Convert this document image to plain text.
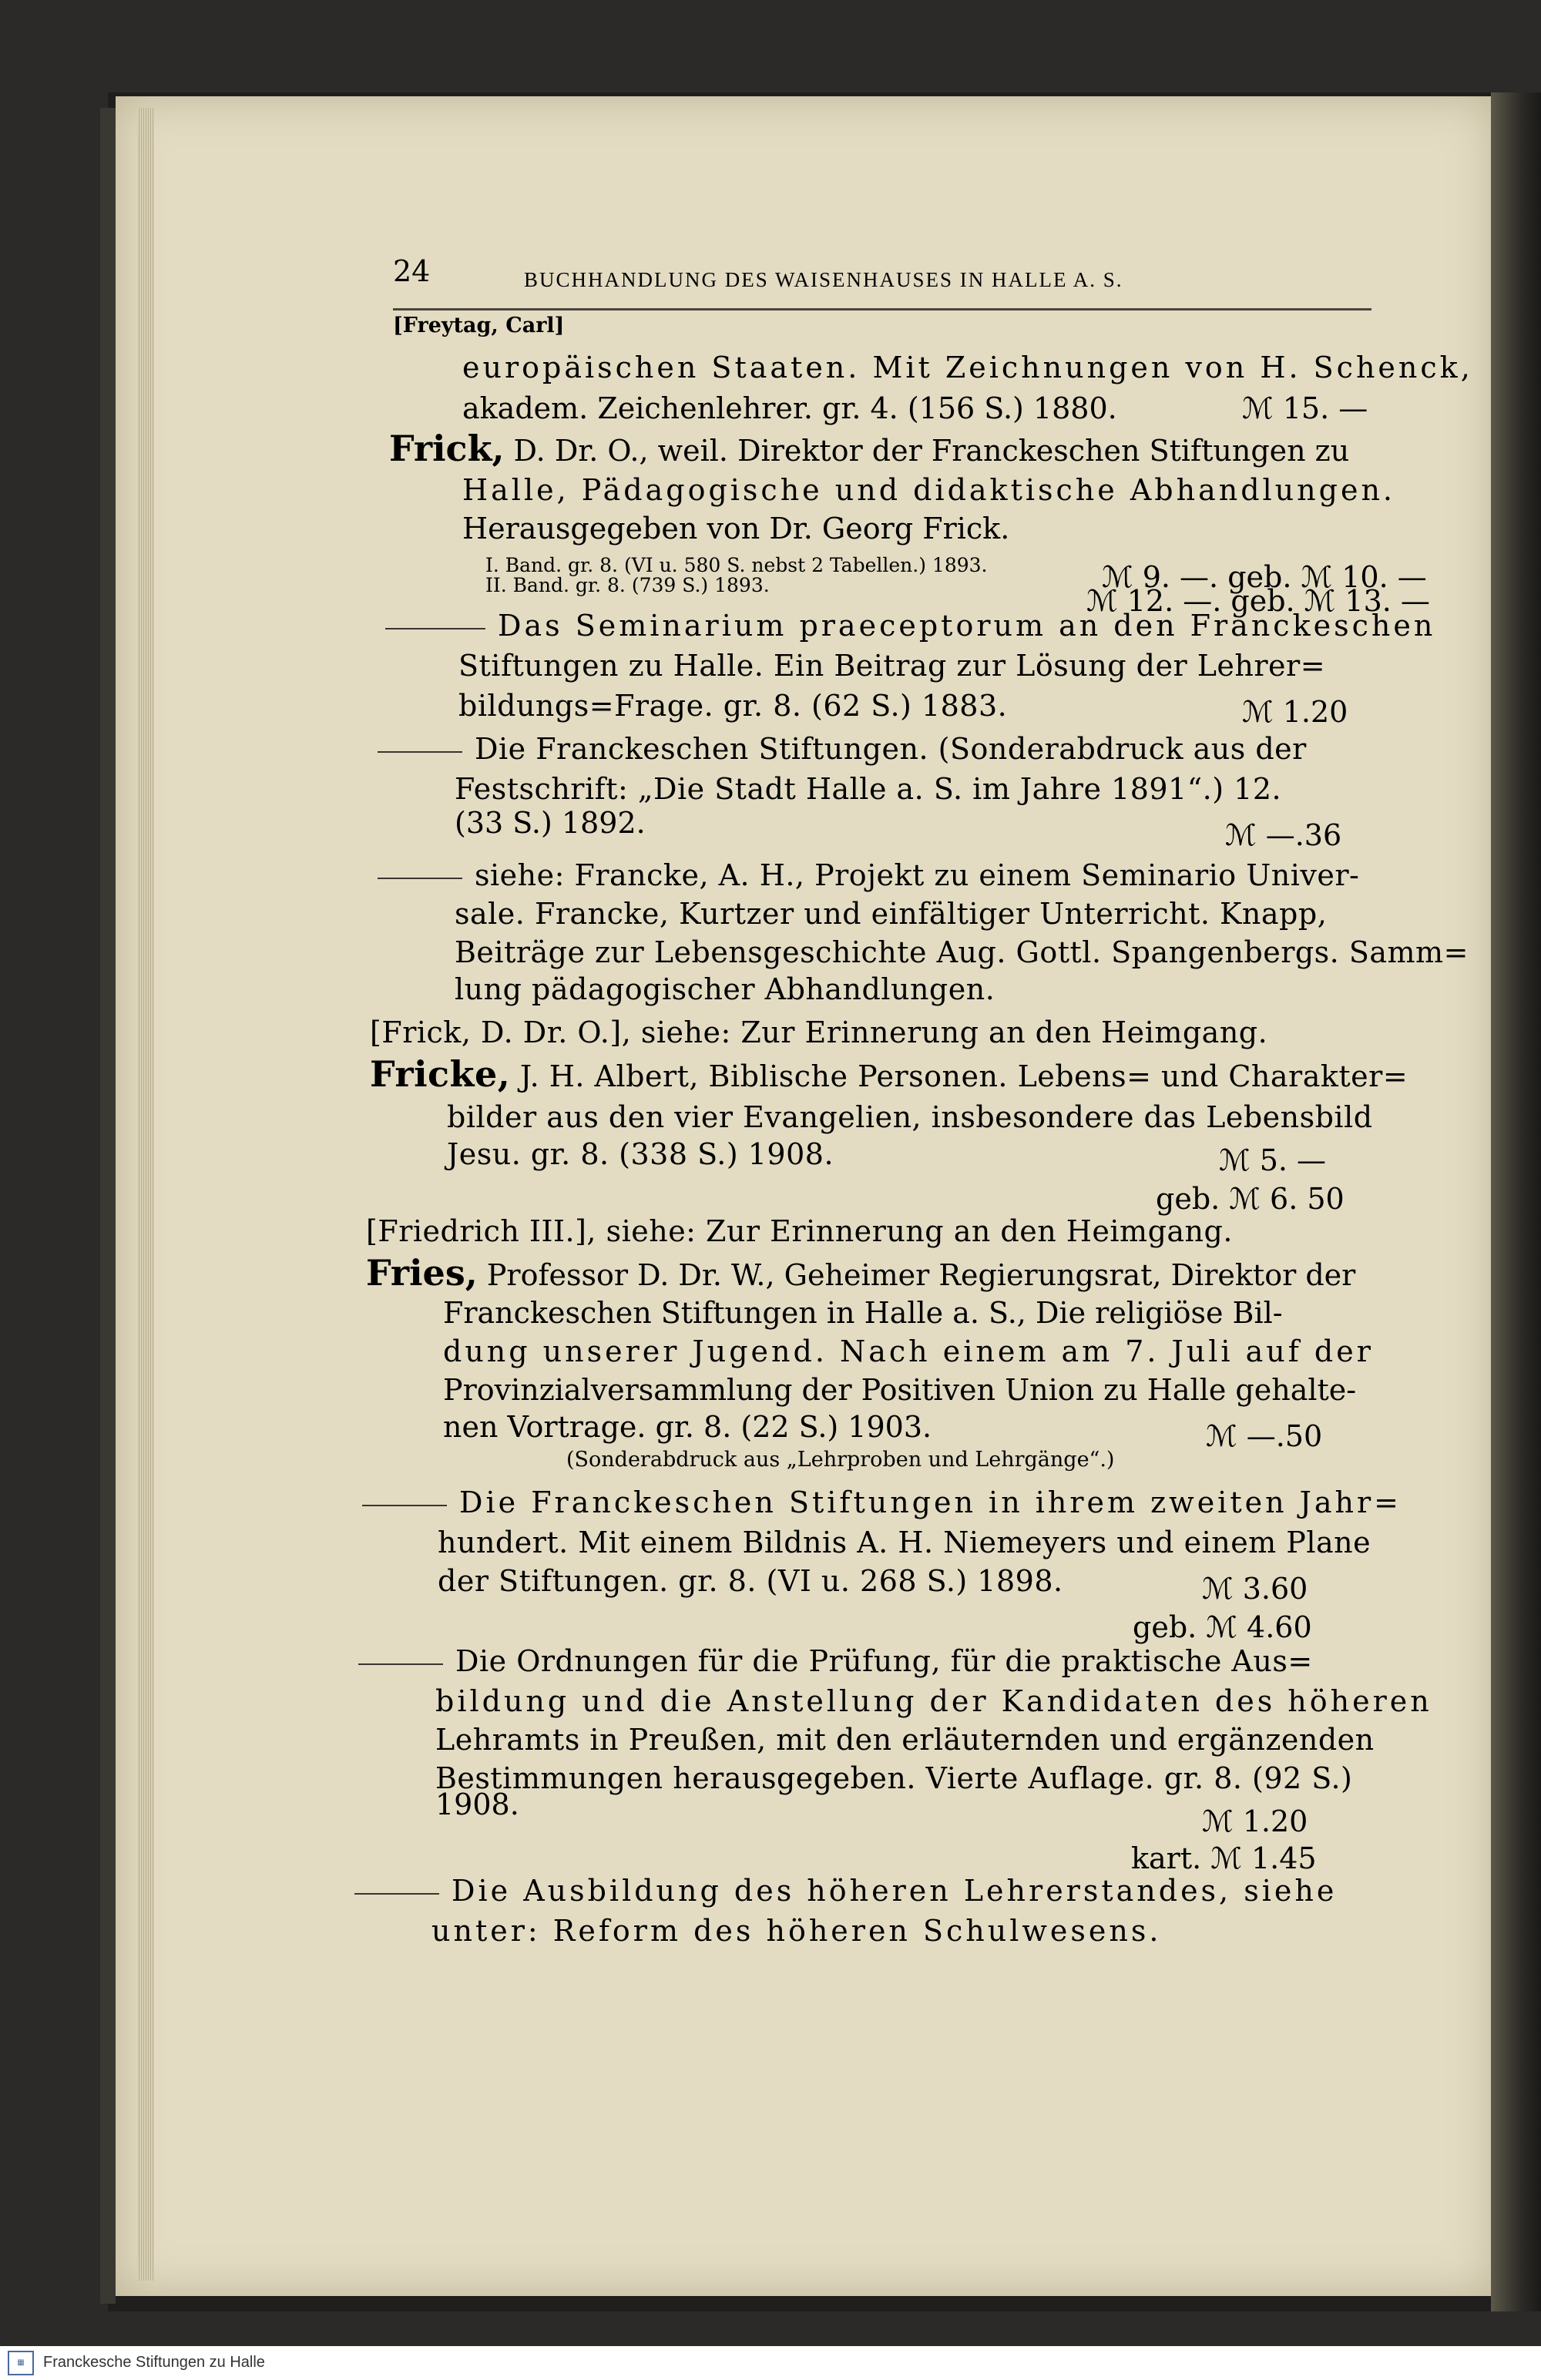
24	BUCHHANDLUNG DES WAISENHAUSES IN HALLE A. S.
[Freytag, Carl]
europäischen Staaten. Mit Zeichnungen von H. Schenck,
akadem. Zeichenlehrer. gr. 4. (156 S.) 1880.	ℳ 15. —
Frick, D. Dr. O., weil. Direktor der Franckeschen Stiftungen zu
Halle, Pädagogische und didaktische Abhandlungen.
Herausgegeben von Dr. Georg Frick.
I. Band. gr. 8. (VI u. 580 S. nebst 2 Tabellen.) 1893.	ℳ 9. —. geb. ℳ 10. —
II. Band. gr. 8. (739 S.) 1893.	ℳ 12. —. geb. ℳ 13. —
Das Seminarium praeceptorum an den Franckeschen
Stiftungen zu Halle. Ein Beitrag zur Lösung der Lehrer=
bildungs=Frage. gr. 8. (62 S.) 1883.	ℳ 1.20
Die Franckeschen Stiftungen. (Sonderabdruck aus der
Festschrift: „Die Stadt Halle a. S. im Jahre 1891“.) 12.
(33 S.) 1892.	ℳ —.36
siehe: Francke, A. H., Projekt zu einem Seminario Univer-
sale. Francke, Kurtzer und einfältiger Unterricht. Knapp,
Beiträge zur Lebensgeschichte Aug. Gottl. Spangenbergs. Samm=
lung pädagogischer Abhandlungen.
[Frick, D. Dr. O.], siehe: Zur Erinnerung an den Heimgang.
Fricke, J. H. Albert, Biblische Personen. Lebens= und Charakter=
bilder aus den vier Evangelien, insbesondere das Lebensbild
Jesu. gr. 8. (338 S.) 1908.	ℳ 5. —
geb. ℳ 6. 50
[Friedrich III.], siehe: Zur Erinnerung an den Heimgang.
Fries, Professor D. Dr. W., Geheimer Regierungsrat, Direktor der
Franckeschen Stiftungen in Halle a. S., Die religiöse Bil-
dung unserer Jugend. Nach einem am 7. Juli auf der
Provinzialversammlung der Positiven Union zu Halle gehalte-
nen Vortrage. gr. 8. (22 S.) 1903.	ℳ —.50
(Sonderabdruck aus „Lehrproben und Lehrgänge“.)
Die Franckeschen Stiftungen in ihrem zweiten Jahr=
hundert. Mit einem Bildnis A. H. Niemeyers und einem Plane
der Stiftungen. gr. 8. (VI u. 268 S.) 1898.	ℳ 3.60
geb. ℳ 4.60
Die Ordnungen für die Prüfung, für die praktische Aus=
bildung und die Anstellung der Kandidaten des höheren
Lehramts in Preußen, mit den erläuternden und ergänzenden
Bestimmungen herausgegeben. Vierte Auflage. gr. 8. (92 S.)
1908.	ℳ 1.20
kart. ℳ 1.45
Die Ausbildung des höheren Lehrerstandes, siehe
unter: Reform des höheren Schulwesens.
▦	Franckesche Stiftungen zu Halle
